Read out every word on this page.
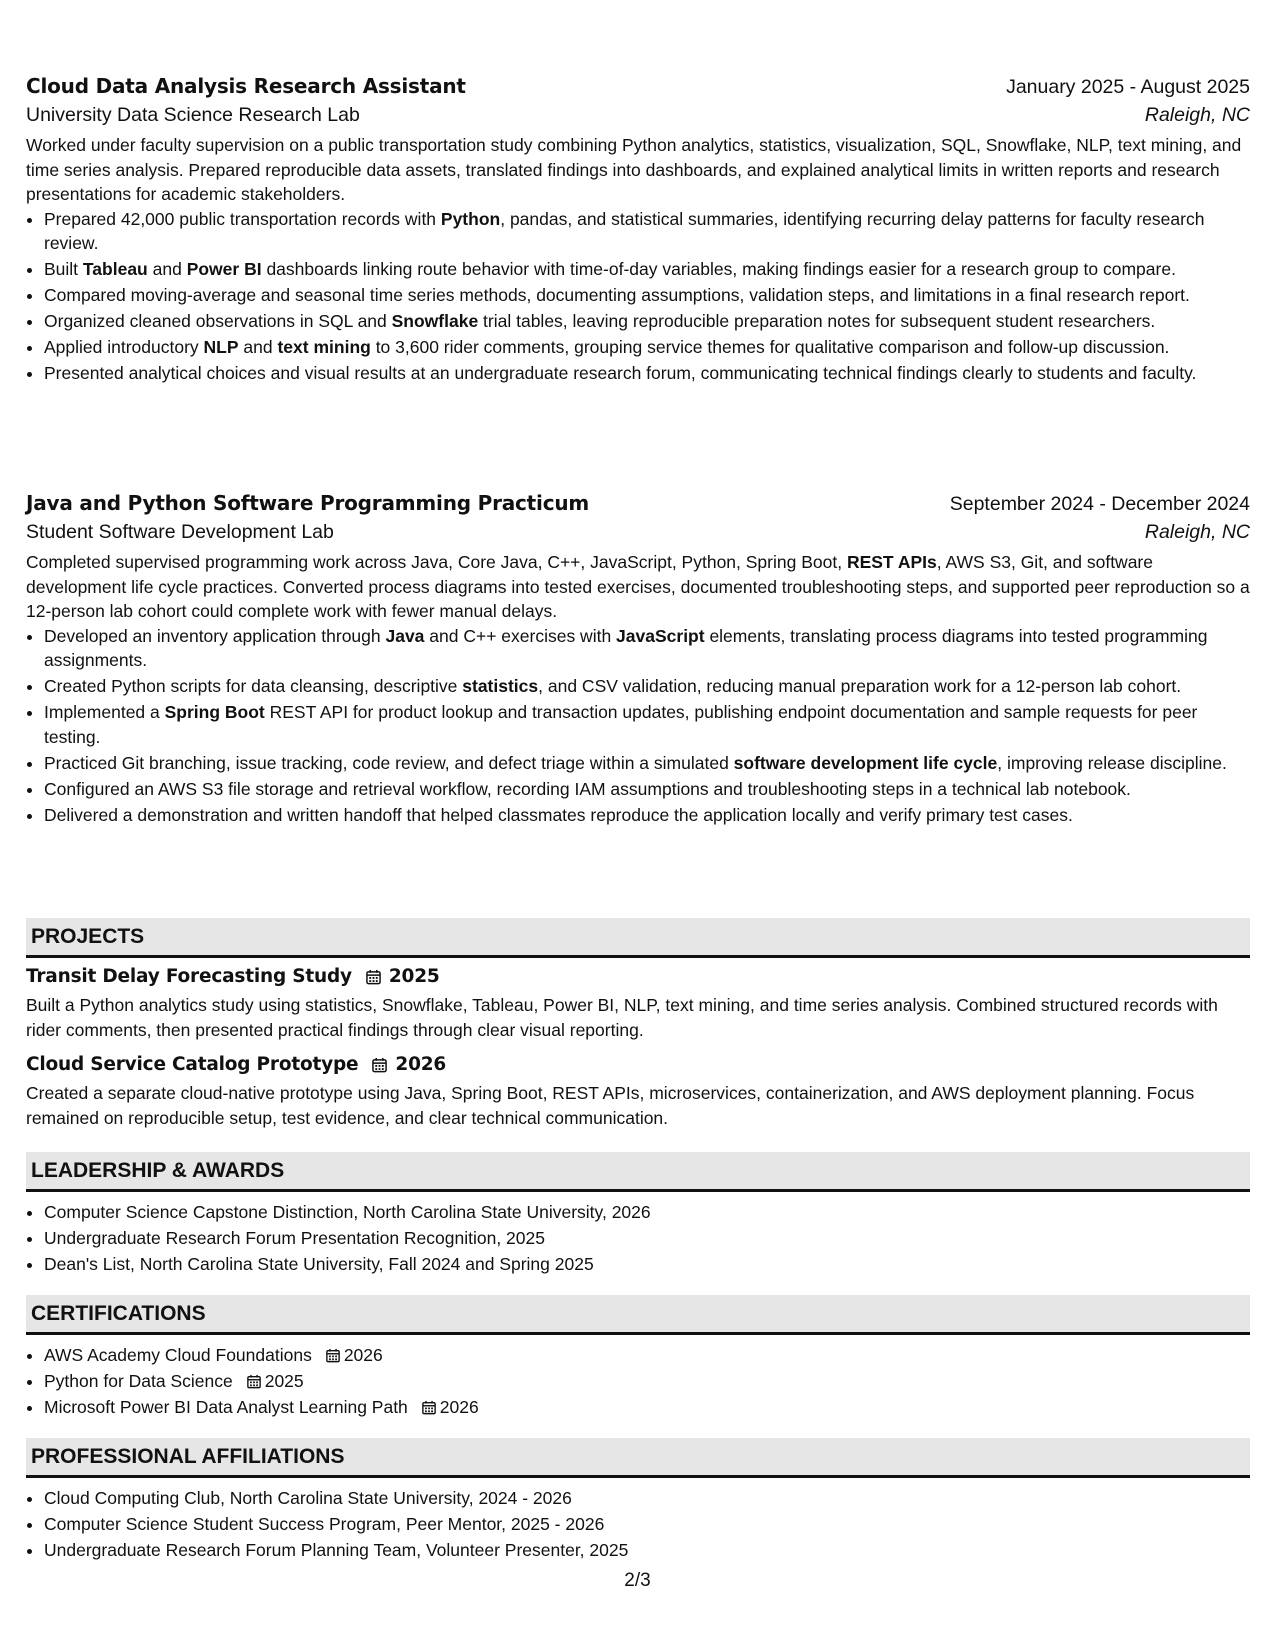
Cloud Data Analysis Research Assistant	January 2025 - August 2025
University Data Science Research Lab	Raleigh, NC

Worked under faculty supervision on a public transportation study combining Python analytics, statistics, visualization, SQL, Snowflake, NLP, text mining, and time series analysis. Prepared reproducible data assets, translated findings into dashboards, and explained analytical limits in written reports and research presentations for academic stakeholders.

• Prepared 42,000 public transportation records with Python, pandas, and statistical summaries, identifying recurring delay patterns for faculty research review.
• Built Tableau and Power BI dashboards linking route behavior with time-of-day variables, making findings easier for a research group to compare.
• Compared moving-average and seasonal time series methods, documenting assumptions, validation steps, and limitations in a final research report.
• Organized cleaned observations in SQL and Snowflake trial tables, leaving reproducible preparation notes for subsequent student researchers.
• Applied introductory NLP and text mining to 3,600 rider comments, grouping service themes for qualitative comparison and follow-up discussion.
• Presented analytical choices and visual results at an undergraduate research forum, communicating technical findings clearly to students and faculty.
Java and Python Software Programming Practicum	September 2024 - December 2024
Student Software Development Lab	Raleigh, NC

Completed supervised programming work across Java, Core Java, C++, JavaScript, Python, Spring Boot, REST APIs, AWS S3, Git, and software development life cycle practices. Converted process diagrams into tested exercises, documented troubleshooting steps, and supported peer reproduction so a 12-person lab cohort could complete work with fewer manual delays.

• Developed an inventory application through Java and C++ exercises with JavaScript elements, translating process diagrams into tested programming assignments.
• Created Python scripts for data cleansing, descriptive statistics, and CSV validation, reducing manual preparation work for a 12-person lab cohort.
• Implemented a Spring Boot REST API for product lookup and transaction updates, publishing endpoint documentation and sample requests for peer testing.
• Practiced Git branching, issue tracking, code review, and defect triage within a simulated software development life cycle, improving release discipline.
• Configured an AWS S3 file storage and retrieval workflow, recording IAM assumptions and troubleshooting steps in a technical lab notebook.
• Delivered a demonstration and written handoff that helped classmates reproduce the application locally and verify primary test cases.
PROJECTS
Transit Delay Forecasting Study 2025

Built a Python analytics study using statistics, Snowflake, Tableau, Power BI, NLP, text mining, and time series analysis. Combined structured records with rider comments, then presented practical findings through clear visual reporting.

Cloud Service Catalog Prototype 2026

Created a separate cloud-native prototype using Java, Spring Boot, REST APIs, microservices, containerization, and AWS deployment planning. Focus remained on reproducible setup, test evidence, and clear technical communication.

LEADERSHIP & AWARDS
• Computer Science Capstone Distinction, North Carolina State University, 2026
• Undergraduate Research Forum Presentation Recognition, 2025
• Dean's List, North Carolina State University, Fall 2024 and Spring 2025
CERTIFICATIONS
• AWS Academy Cloud Foundations 2026
• Python for Data Science 2025
• Microsoft Power BI Data Analyst Learning Path 2026
PROFESSIONAL AFFILIATIONS
• Cloud Computing Club, North Carolina State University, 2024 - 2026
• Computer Science Student Success Program, Peer Mentor, 2025 - 2026
• Undergraduate Research Forum Planning Team, Volunteer Presenter, 2025
2/3
